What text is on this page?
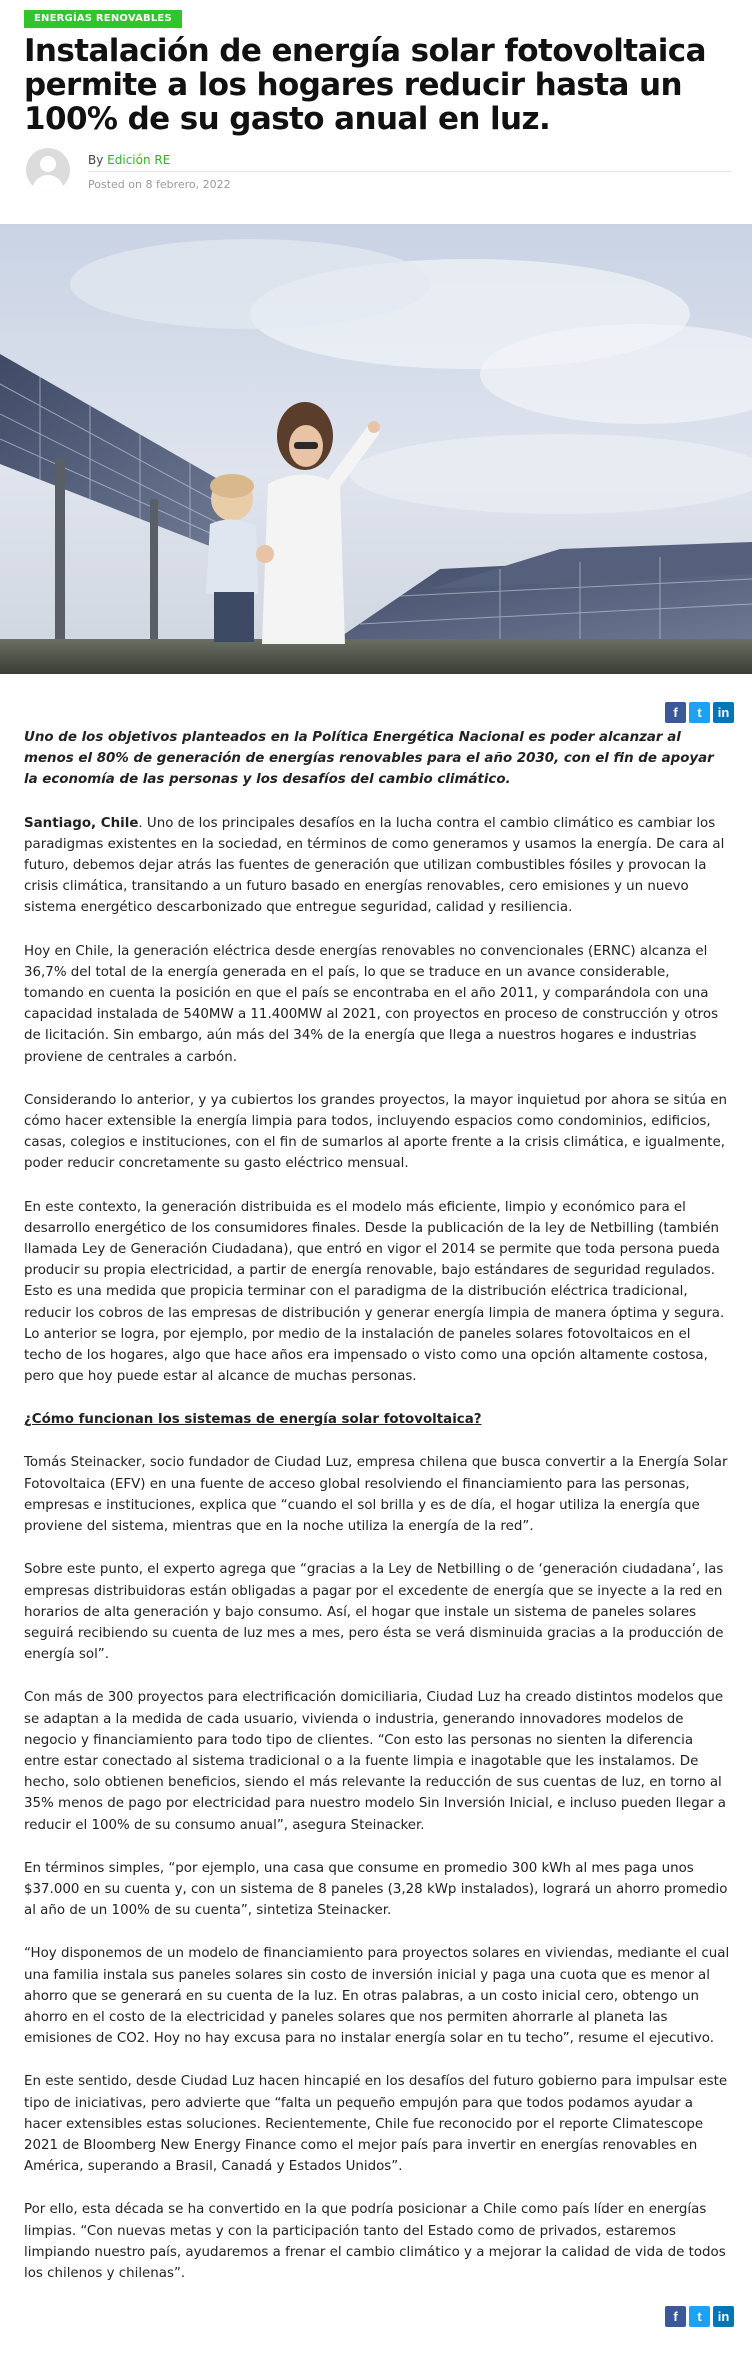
ENERGÍAS RENOVABLES
Instalación de energía solar fotovoltaica permite a los hogares reducir hasta un 100% de su gasto anual en luz.
By Edición RE
Posted on 8 febrero, 2022
f	t	in

Uno de los objetivos planteados en la Política Energética Nacional es poder alcanzar al menos el 80% de generación de energías renovables para el año 2030, con el fin de apoyar la economía de las personas y los desafíos del cambio climático.

Santiago, Chile. Uno de los principales desafíos en la lucha contra el cambio climático es cambiar los paradigmas existentes en la sociedad, en términos de como generamos y usamos la energía. De cara al futuro, debemos dejar atrás las fuentes de generación que utilizan combustibles fósiles y provocan la crisis climática, transitando a un futuro basado en energías renovables, cero emisiones y un nuevo sistema energético descarbonizado que entregue seguridad, calidad y resiliencia.

Hoy en Chile, la generación eléctrica desde energías renovables no convencionales (ERNC) alcanza el 36,7% del total de la energía generada en el país, lo que se traduce en un avance considerable, tomando en cuenta la posición en que el país se encontraba en el año 2011, y comparándola con una capacidad instalada de 540MW a 11.400MW al 2021, con proyectos en proceso de construcción y otros de licitación. Sin embargo, aún más del 34% de la energía que llega a nuestros hogares e industrias proviene de centrales a carbón.

Considerando lo anterior, y ya cubiertos los grandes proyectos, la mayor inquietud por ahora se sitúa en cómo hacer extensible la energía limpia para todos, incluyendo espacios como condominios, edificios, casas, colegios e instituciones, con el fin de sumarlos al aporte frente a la crisis climática, e igualmente, poder reducir concretamente su gasto eléctrico mensual.

En este contexto, la generación distribuida es el modelo más eficiente, limpio y económico para el desarrollo energético de los consumidores finales. Desde la publicación de la ley de Netbilling (también llamada Ley de Generación Ciudadana), que entró en vigor el 2014 se permite que toda persona pueda producir su propia electricidad, a partir de energía renovable, bajo estándares de seguridad regulados. Esto es una medida que propicia terminar con el paradigma de la distribución eléctrica tradicional, reducir los cobros de las empresas de distribución y generar energía limpia de manera óptima y segura. Lo anterior se logra, por ejemplo, por medio de la instalación de paneles solares fotovoltaicos en el techo de los hogares, algo que hace años era impensado o visto como una opción altamente costosa, pero que hoy puede estar al alcance de muchas personas.

¿Cómo funcionan los sistemas de energía solar fotovoltaica?

Tomás Steinacker, socio fundador de Ciudad Luz, empresa chilena que busca convertir a la Energía Solar Fotovoltaica (EFV) en una fuente de acceso global resolviendo el financiamiento para las personas, empresas e instituciones, explica que “cuando el sol brilla y es de día, el hogar utiliza la energía que proviene del sistema, mientras que en la noche utiliza la energía de la red”.

Sobre este punto, el experto agrega que “gracias a la Ley de Netbilling o de ‘generación ciudadana’, las empresas distribuidoras están obligadas a pagar por el excedente de energía que se inyecte a la red en horarios de alta generación y bajo consumo. Así, el hogar que instale un sistema de paneles solares seguirá recibiendo su cuenta de luz mes a mes, pero ésta se verá disminuida gracias a la producción de energía sol”.

Con más de 300 proyectos para electrificación domiciliaria, Ciudad Luz ha creado distintos modelos que se adaptan a la medida de cada usuario, vivienda o industria, generando innovadores modelos de negocio y financiamiento para todo tipo de clientes. “Con esto las personas no sienten la diferencia entre estar conectado al sistema tradicional o a la fuente limpia e inagotable que les instalamos. De hecho, solo obtienen beneficios, siendo el más relevante la reducción de sus cuentas de luz, en torno al 35% menos de pago por electricidad para nuestro modelo Sin Inversión Inicial, e incluso pueden llegar a reducir el 100% de su consumo anual”, asegura Steinacker.

En términos simples, “por ejemplo, una casa que consume en promedio 300 kWh al mes paga unos $37.000 en su cuenta y, con un sistema de 8 paneles (3,28 kWp instalados), logrará un ahorro promedio al año de un 100% de su cuenta”, sintetiza Steinacker.

“Hoy disponemos de un modelo de financiamiento para proyectos solares en viviendas, mediante el cual una familia instala sus paneles solares sin costo de inversión inicial y paga una cuota que es menor al ahorro que se generará en su cuenta de la luz. En otras palabras, a un costo inicial cero, obtengo un ahorro en el costo de la electricidad y paneles solares que nos permiten ahorrarle al planeta las emisiones de CO2. Hoy no hay excusa para no instalar energía solar en tu techo”, resume el ejecutivo.

En este sentido, desde Ciudad Luz hacen hincapié en los desafíos del futuro gobierno para impulsar este tipo de iniciativas, pero advierte que “falta un pequeño empujón para que todos podamos ayudar a hacer extensibles estas soluciones. Recientemente, Chile fue reconocido por el reporte Climatescope 2021 de Bloomberg New Energy Finance como el mejor país para invertir en energías renovables en América, superando a Brasil, Canadá y Estados Unidos”.

Por ello, esta década se ha convertido en la que podría posicionar a Chile como país líder en energías limpias. “Con nuevas metas y con la participación tanto del Estado como de privados, estaremos limpiando nuestro país, ayudaremos a frenar el cambio climático y a mejorar la calidad de vida de todos los chilenos y chilenas”.

f	t	in
